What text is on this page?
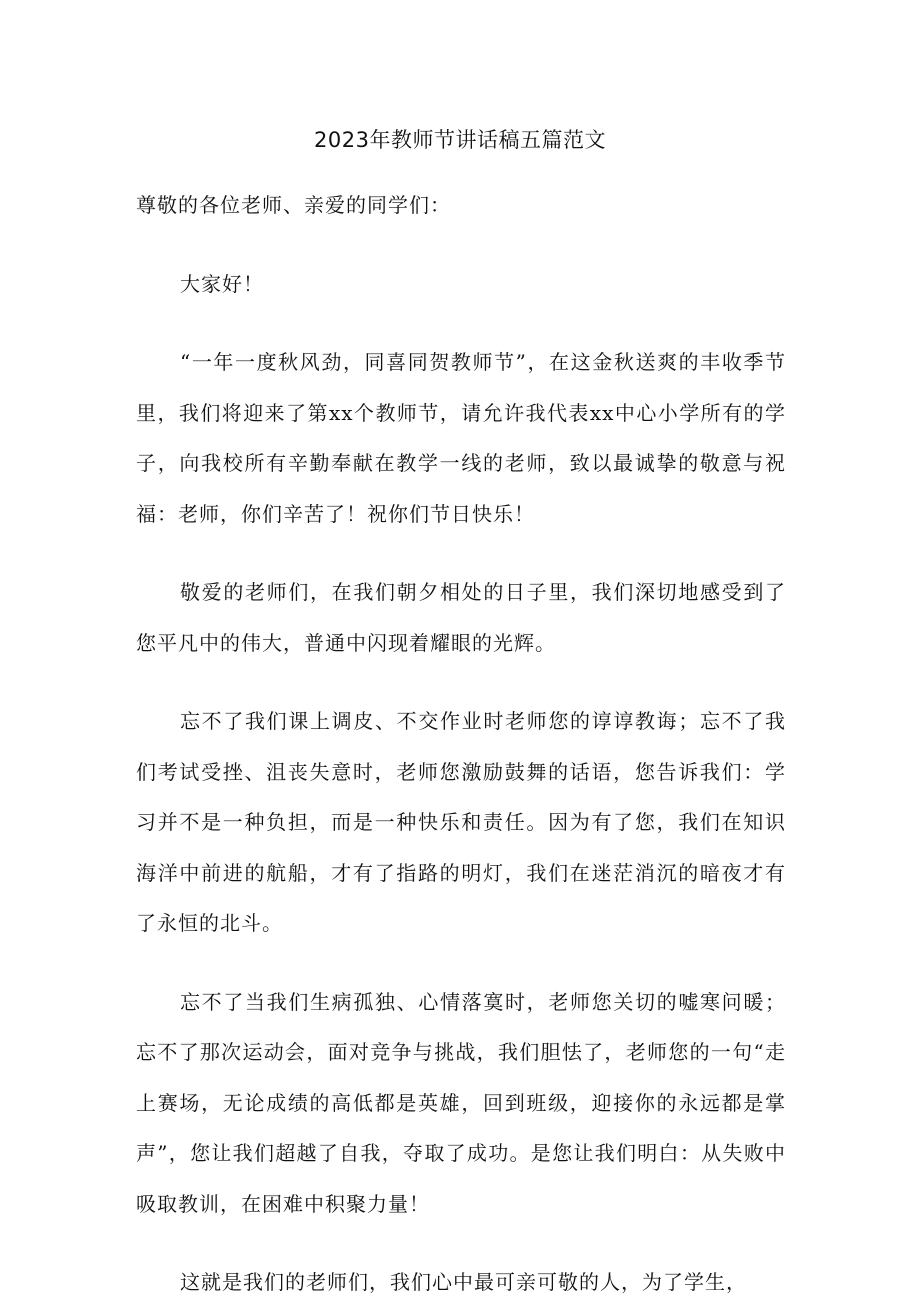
2023年教师节讲话稿五篇范文

尊敬的各位老师、亲爱的同学们：

大家好！

“一年一度秋风劲，同喜同贺教师节”，在这金秋送爽的丰收季节里，我们将迎来了第xx个教师节，请允许我代表xx中心小学所有的学子，向我校所有辛勤奉献在教学一线的老师，致以最诚挚的敬意与祝福：老师，你们辛苦了！祝你们节日快乐！

敬爱的老师们，在我们朝夕相处的日子里，我们深切地感受到了您平凡中的伟大，普通中闪现着耀眼的光辉。

忘不了我们课上调皮、不交作业时老师您的谆谆教诲；忘不了我们考试受挫、沮丧失意时，老师您激励鼓舞的话语，您告诉我们：学习并不是一种负担，而是一种快乐和责任。因为有了您，我们在知识海洋中前进的航船，才有了指路的明灯，我们在迷茫消沉的暗夜才有了永恒的北斗。

忘不了当我们生病孤独、心情落寞时，老师您关切的嘘寒问暖；忘不了那次运动会，面对竞争与挑战，我们胆怯了，老师您的一句“走上赛场，无论成绩的高低都是英雄，回到班级，迎接你的永远都是掌声”，您让我们超越了自我，夺取了成功。是您让我们明白：从失败中吸取教训，在困难中积聚力量！

这就是我们的老师们，我们心中最可亲可敬的人，为了学生，
